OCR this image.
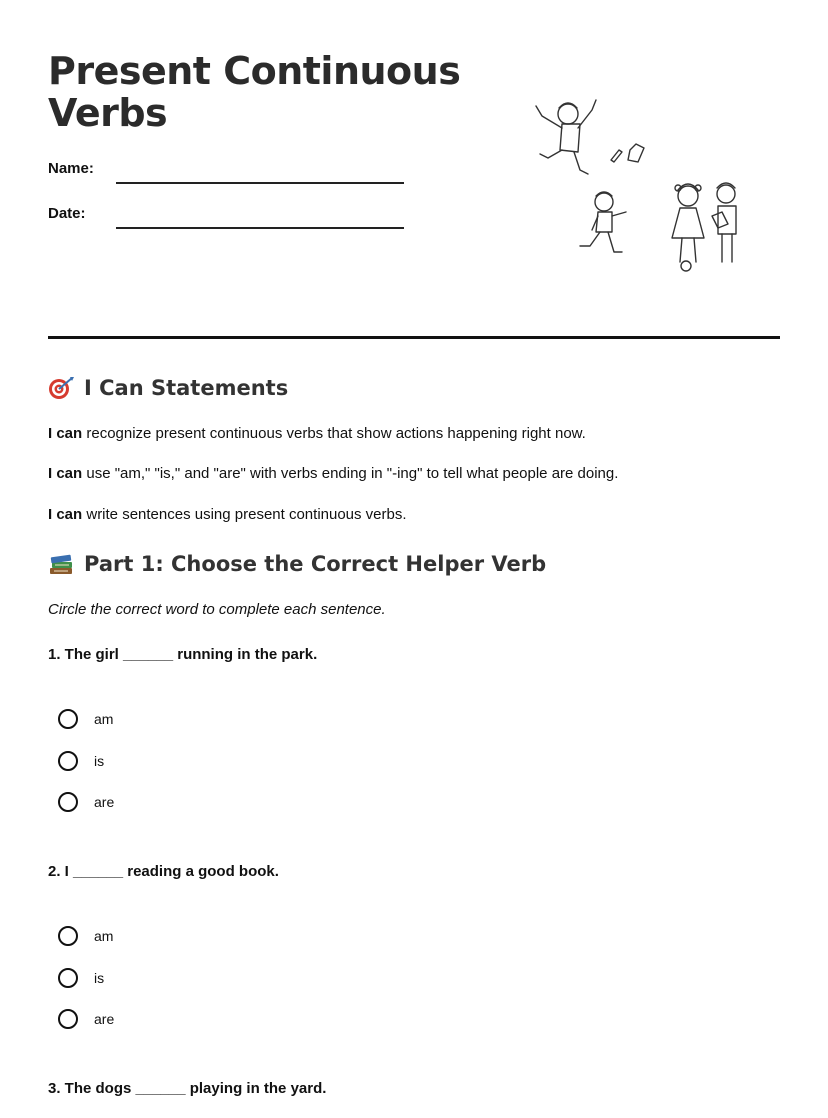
Present Continuous
Verbs
Name:
Date:
I Can Statements
I can recognize present continuous verbs that show actions happening right now.
I can use "am," "is," and "are" with verbs ending in "-ing" to tell what people are doing.
I can write sentences using present continuous verbs.
Part 1: Choose the Correct Helper Verb
Circle the correct word to complete each sentence.
1. The girl ______ running in the park.
am
is
are
2. I ______ reading a good book.
am
is
are
3. The dogs ______ playing in the yard.
